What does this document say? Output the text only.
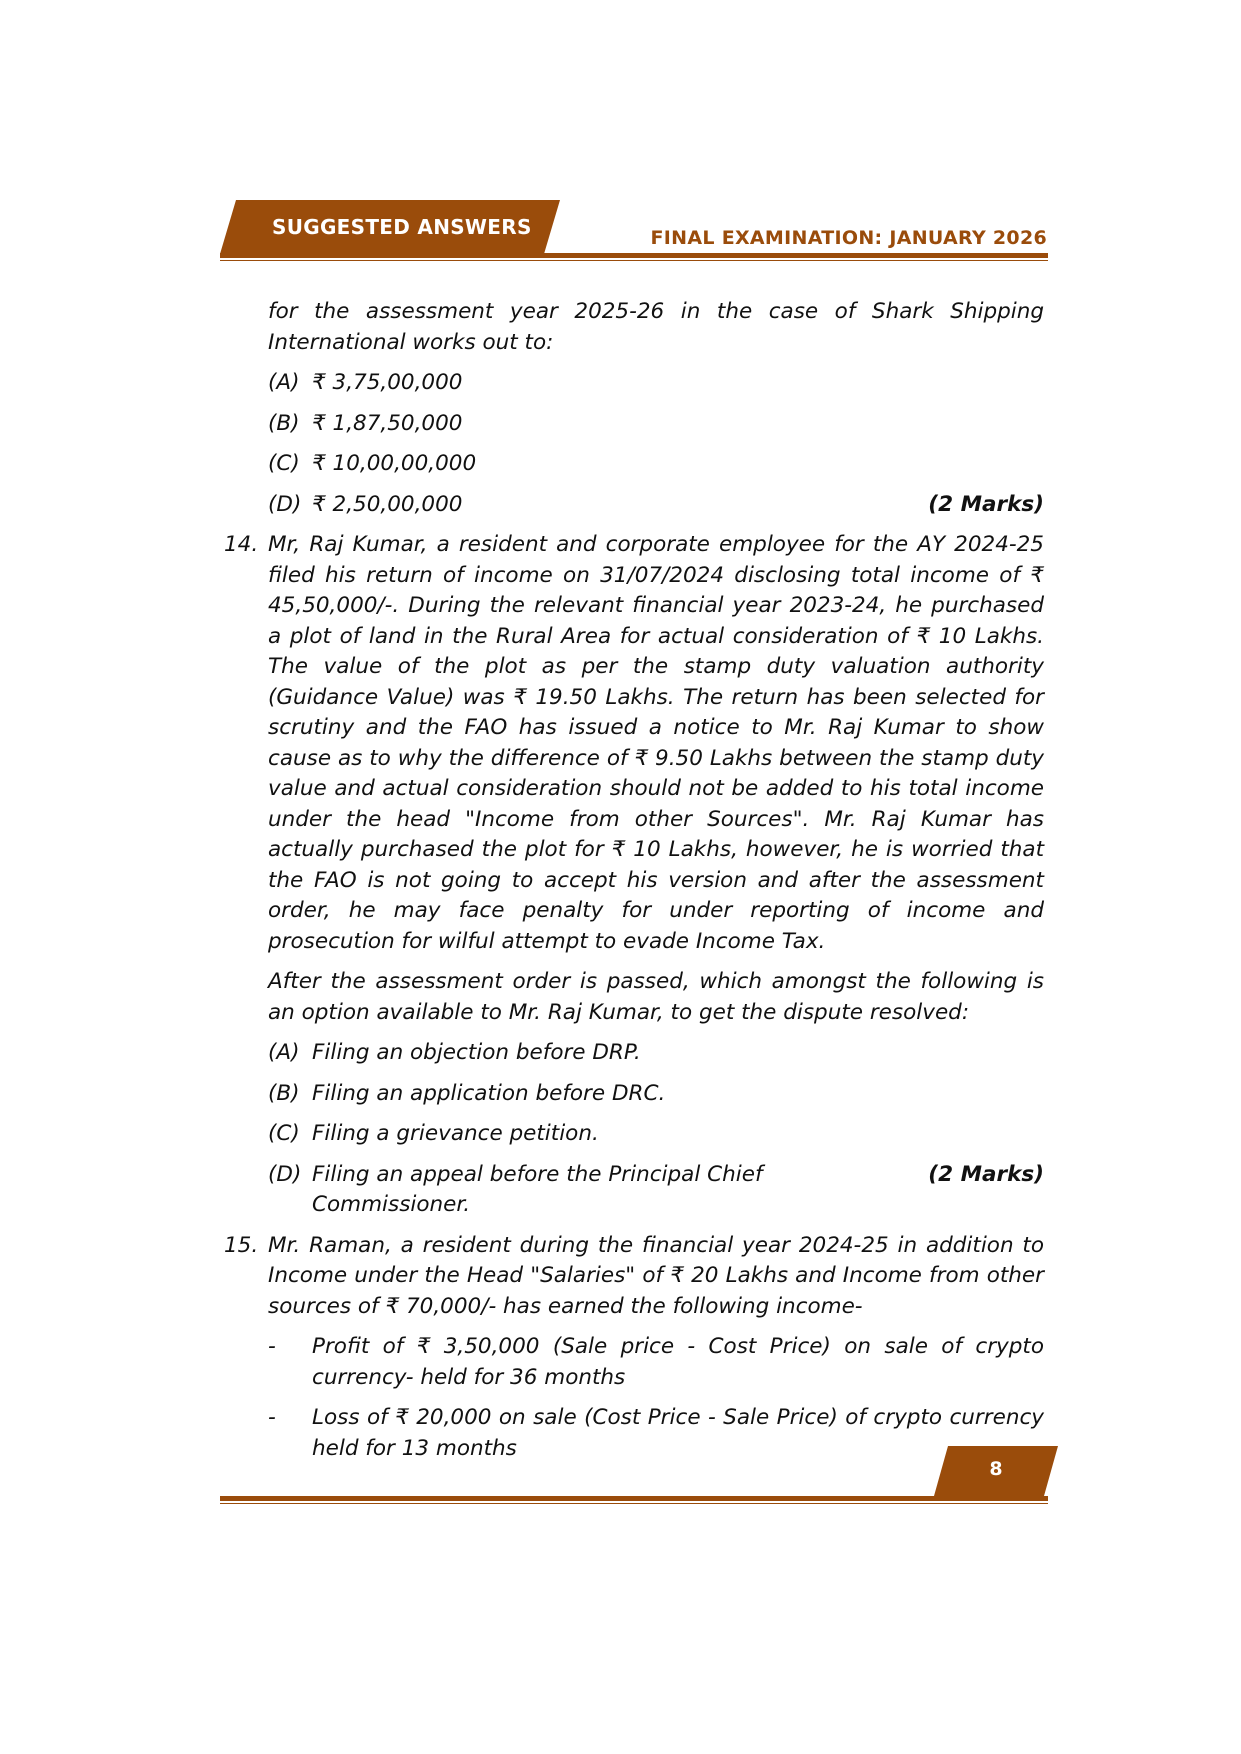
SUGGESTED ANSWERS	FINAL EXAMINATION: JANUARY 2026

for the assessment year 2025-26 in the case of Shark Shipping International works out to:

(A) ₹ 3,75,00,000
(B) ₹ 1,87,50,000
(C) ₹ 10,00,00,000
(D) ₹ 2,50,00,000	(2 Marks)
14. Mr, Raj Kumar, a resident and corporate employee for the AY 2024-25 filed his return of income on 31/07/2024 disclosing total income of ₹ 45,50,000/-. During the relevant financial year 2023-24, he purchased a plot of land in the Rural Area for actual consideration of ₹ 10 Lakhs. The value of the plot as per the stamp duty valuation authority (Guidance Value) was ₹ 19.50 Lakhs. The return has been selected for scrutiny and the FAO has issued a notice to Mr. Raj Kumar to show cause as to why the difference of ₹ 9.50 Lakhs between the stamp duty value and actual consideration should not be added to his total income under the head "Income from other Sources". Mr. Raj Kumar has actually purchased the plot for ₹ 10 Lakhs, however, he is worried that the FAO is not going to accept his version and after the assessment order, he may face penalty for under reporting of income and prosecution for wilful attempt to evade Income Tax.

After the assessment order is passed, which amongst the following is an option available to Mr. Raj Kumar, to get the dispute resolved:

(A) Filing an objection before DRP.
(B) Filing an application before DRC.
(C) Filing a grievance petition.
(D) Filing an appeal before the Principal Chief Commissioner.
(2 Marks)
15. Mr. Raman, a resident during the financial year 2024-25 in addition to Income under the Head "Salaries" of ₹ 20 Lakhs and Income from other sources of ₹ 70,000/- has earned the following income-
-	Profit of ₹ 3,50,000 (Sale price - Cost Price) on sale of crypto currency- held for 36 months
-	Loss of ₹ 20,000 on sale (Cost Price - Sale Price) of crypto currency held for 13 months
8
